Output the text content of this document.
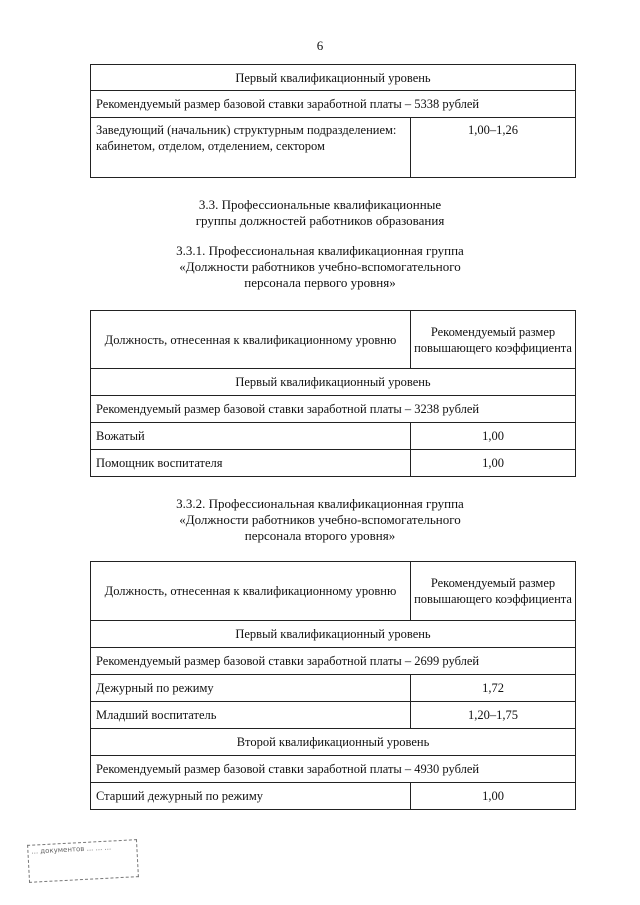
6
Первый квалификационный уровень
Рекомендуемый размер базовой ставки заработной платы – 5338 рублей
Заведующий (начальник) структурным подразделением: кабинетом, отделом, отделением, сектором	1,00–1,26
3.3. Профессиональные квалификационные
группы должностей работников образования
3.3.1. Профессиональная квалификационная группа
«Должности работников учебно-вспомогательного
персонала первого уровня»
Должность, отнесенная к квалификационному уровню	Рекомендуемый размер повышающего коэффициента
Первый квалификационный уровень	
Рекомендуемый размер базовой ставки заработной платы – 3238 рублей	
Вожатый	1,00
Помощник воспитателя	1,00
3.3.2. Профессиональная квалификационная группа
«Должности работников учебно-вспомогательного
персонала второго уровня»
Должность, отнесенная к квалификационному уровню	Рекомендуемый размер повышающего коэффициента
Первый квалификационный уровень	
Рекомендуемый размер базовой ставки заработной платы – 2699 рублей	
Дежурный по режиму	1,72
Младший воспитатель	1,20–1,75
Второй квалификационный уровень	
Рекомендуемый размер базовой ставки заработной платы – 4930 рублей	
Старший дежурный по режиму	1,00
... документов ... ... ...
